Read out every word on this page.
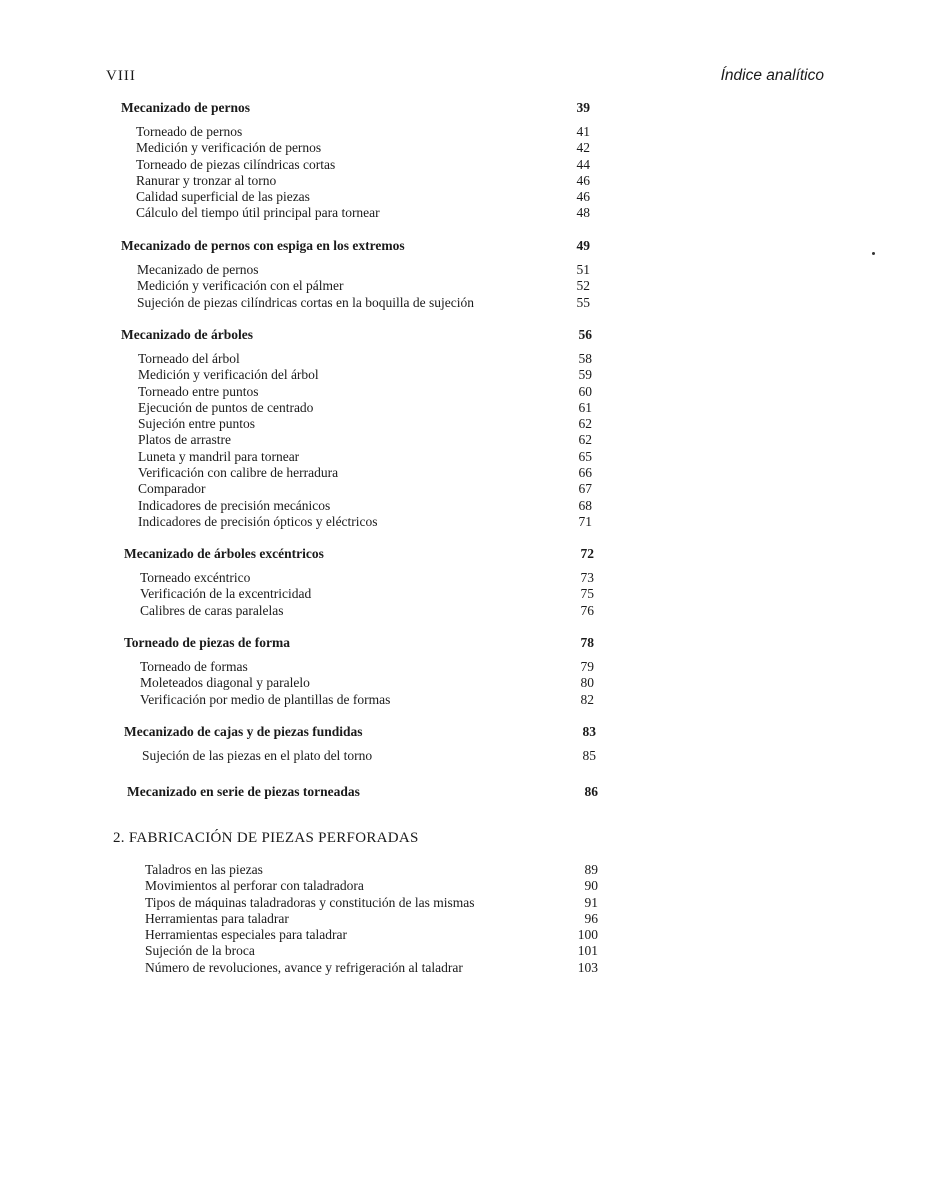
VIII	Índice analítico
Mecanizado de pernos	39
Torneado de pernos	41
Medición y verificación de pernos	42
Torneado de piezas cilíndricas cortas	44
Ranurar y tronzar al torno	46
Calidad superficial de las piezas	46
Cálculo del tiempo útil principal para tornear	48
Mecanizado de pernos con espiga en los extremos	49
Mecanizado de pernos	51
Medición y verificación con el pálmer	52
Sujeción de piezas cilíndricas cortas en la boquilla de sujeción	55
Mecanizado de árboles	56
Torneado del árbol	58
Medición y verificación del árbol	59
Torneado entre puntos	60
Ejecución de puntos de centrado	61
Sujeción entre puntos	62
Platos de arrastre	62
Luneta y mandril para tornear	65
Verificación con calibre de herradura	66
Comparador	67
Indicadores de precisión mecánicos	68
Indicadores de precisión ópticos y eléctricos	71
Mecanizado de árboles excéntricos	72
Torneado excéntrico	73
Verificación de la excentricidad	75
Calibres de caras paralelas	76
Torneado de piezas de forma	78
Torneado de formas	79
Moleteados diagonal y paralelo	80
Verificación por medio de plantillas de formas	82
Mecanizado de cajas y de piezas fundidas	83
Sujeción de las piezas en el plato del torno	85
Mecanizado en serie de piezas torneadas	86
2. FABRICACIÓN DE PIEZAS PERFORADAS
Taladros en las piezas	89
Movimientos al perforar con taladradora	90
Tipos de máquinas taladradoras y constitución de las mismas	91
Herramientas para taladrar	96
Herramientas especiales para taladrar	100
Sujeción de la broca	101
Número de revoluciones, avance y refrigeración al taladrar	103
